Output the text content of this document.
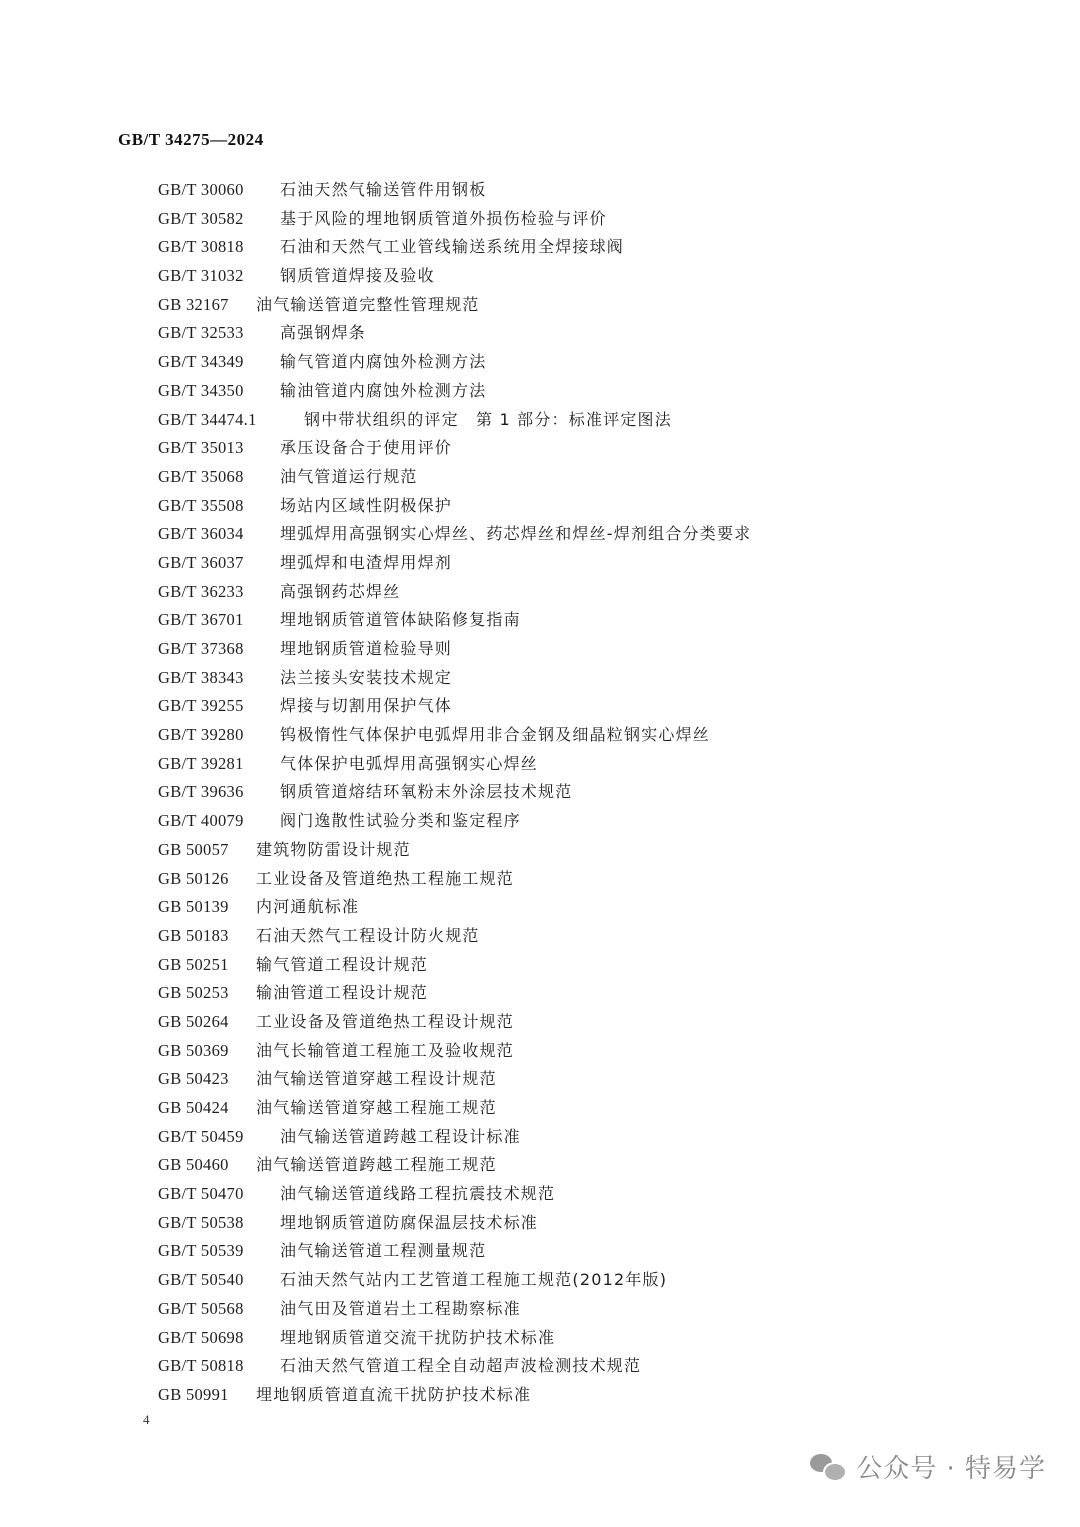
GB/T 34275—2024
GB/T 30060 石油天然气输送管件用钢板
GB/T 30582 基于风险的埋地钢质管道外损伤检验与评价
GB/T 30818 石油和天然气工业管线输送系统用全焊接球阀
GB/T 31032 钢质管道焊接及验收
GB 32167 油气输送管道完整性管理规范
GB/T 32533 高强钢焊条
GB/T 34349 输气管道内腐蚀外检测方法
GB/T 34350 输油管道内腐蚀外检测方法
GB/T 34474.1	钢中带状组织的评定　第 1 部分：标准评定图法
GB/T 35013 承压设备合于使用评价
GB/T 35068 油气管道运行规范
GB/T 35508 场站内区域性阴极保护
GB/T 36034 埋弧焊用高强钢实心焊丝、药芯焊丝和焊丝-焊剂组合分类要求
GB/T 36037 埋弧焊和电渣焊用焊剂
GB/T 36233 高强钢药芯焊丝
GB/T 36701 埋地钢质管道管体缺陷修复指南
GB/T 37368 埋地钢质管道检验导则
GB/T 38343 法兰接头安装技术规定
GB/T 39255 焊接与切割用保护气体
GB/T 39280 钨极惰性气体保护电弧焊用非合金钢及细晶粒钢实心焊丝
GB/T 39281 气体保护电弧焊用高强钢实心焊丝
GB/T 39636 钢质管道熔结环氧粉末外涂层技术规范
GB/T 40079 阀门逸散性试验分类和鉴定程序
GB 50057 建筑物防雷设计规范
GB 50126 工业设备及管道绝热工程施工规范
GB 50139 内河通航标准
GB 50183 石油天然气工程设计防火规范
GB 50251 输气管道工程设计规范
GB 50253 输油管道工程设计规范
GB 50264 工业设备及管道绝热工程设计规范
GB 50369 油气长输管道工程施工及验收规范
GB 50423 油气输送管道穿越工程设计规范
GB 50424 油气输送管道穿越工程施工规范
GB/T 50459 油气输送管道跨越工程设计标准
GB 50460 油气输送管道跨越工程施工规范
GB/T 50470 油气输送管道线路工程抗震技术规范
GB/T 50538 埋地钢质管道防腐保温层技术标准
GB/T 50539 油气输送管道工程测量规范
GB/T 50540 石油天然气站内工艺管道工程施工规范(2012年版)
GB/T 50568 油气田及管道岩土工程勘察标准
GB/T 50698 埋地钢质管道交流干扰防护技术标准
GB/T 50818 石油天然气管道工程全自动超声波检测技术规范
GB 50991 埋地钢质管道直流干扰防护技术标准
4
公众号 · 特易学
